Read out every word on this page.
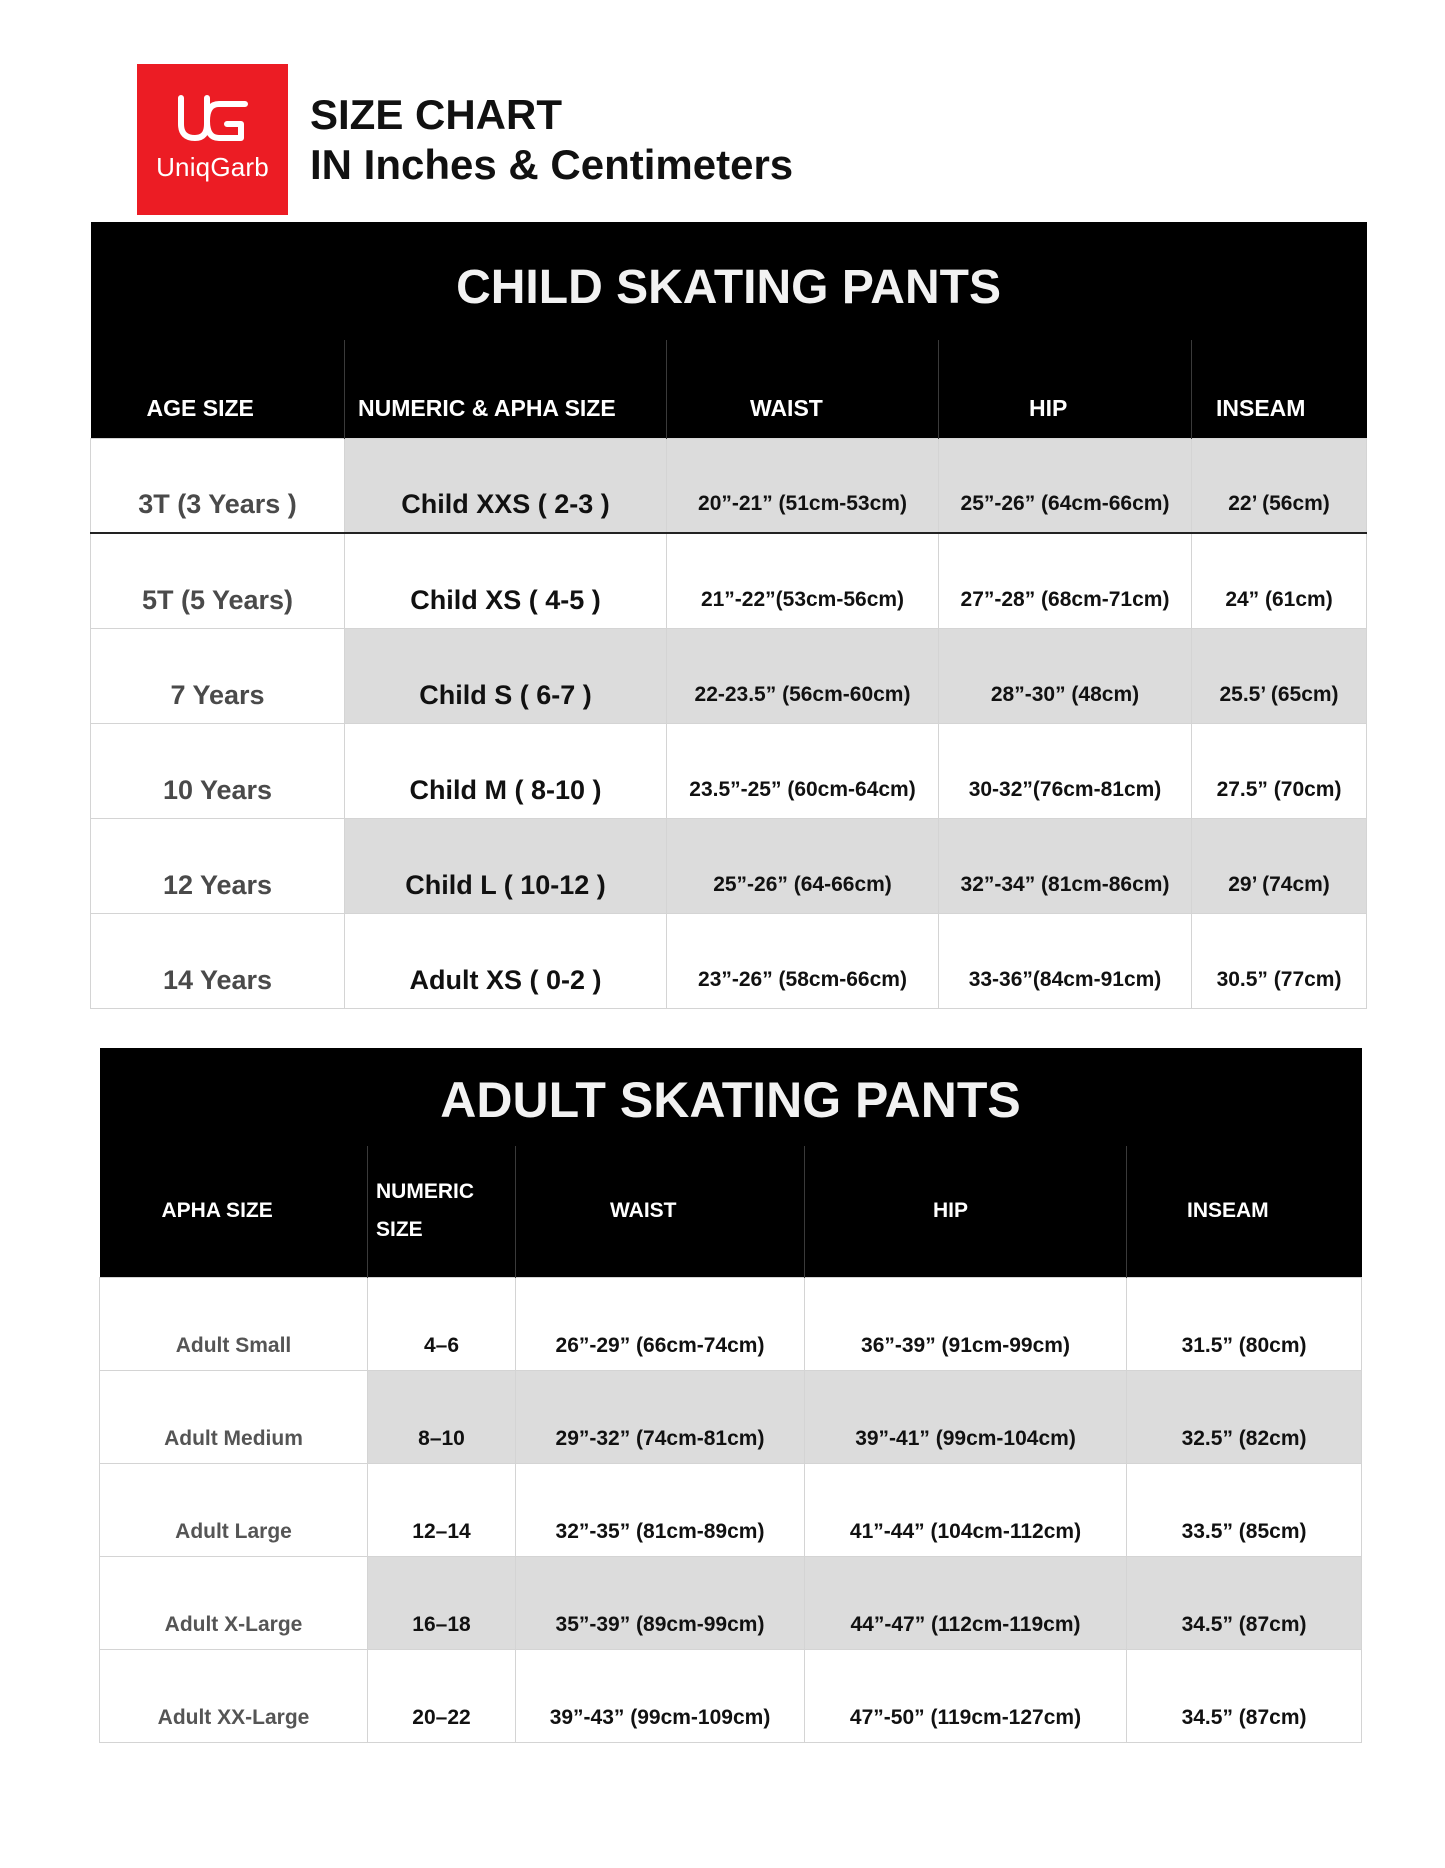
UniqGarb
SIZE CHART
IN Inches & Centimeters
CHILD SKATING PANTS				
AGE SIZE	NUMERIC & APHA SIZE	WAIST	HIP	INSEAM
3T (3 Years )	Child XXS ( 2-3 )	20”-21” (51cm-53cm)	25”-26” (64cm-66cm)	22’ (56cm)
5T (5 Years)	Child XS ( 4-5 )	21”-22”(53cm-56cm)	27”-28” (68cm-71cm)	24” (61cm)
7 Years	Child S ( 6-7 )	22-23.5” (56cm-60cm)	28”-30” (48cm)	25.5’ (65cm)
10 Years	Child M ( 8-10 )	23.5”-25” (60cm-64cm)	30-32”(76cm-81cm)	27.5” (70cm)
12 Years	Child L ( 10-12 )	25”-26” (64-66cm)	32”-34” (81cm-86cm)	29’ (74cm)
14 Years	Adult XS ( 0-2 )	23”-26” (58cm-66cm)	33-36”(84cm-91cm)	30.5” (77cm)
ADULT SKATING PANTS				
APHA SIZE	NUMERIC SIZE	WAIST	HIP	INSEAM
Adult Small	4–6	26”-29” (66cm-74cm)	36”-39” (91cm-99cm)	31.5” (80cm)
Adult Medium	8–10	29”-32” (74cm-81cm)	39”-41” (99cm-104cm)	32.5” (82cm)
Adult Large	12–14	32”-35” (81cm-89cm)	41”-44” (104cm-112cm)	33.5” (85cm)
Adult X-Large	16–18	35”-39” (89cm-99cm)	44”-47” (112cm-119cm)	34.5” (87cm)
Adult XX-Large	20–22	39”-43” (99cm-109cm)	47”-50” (119cm-127cm)	34.5” (87cm)
